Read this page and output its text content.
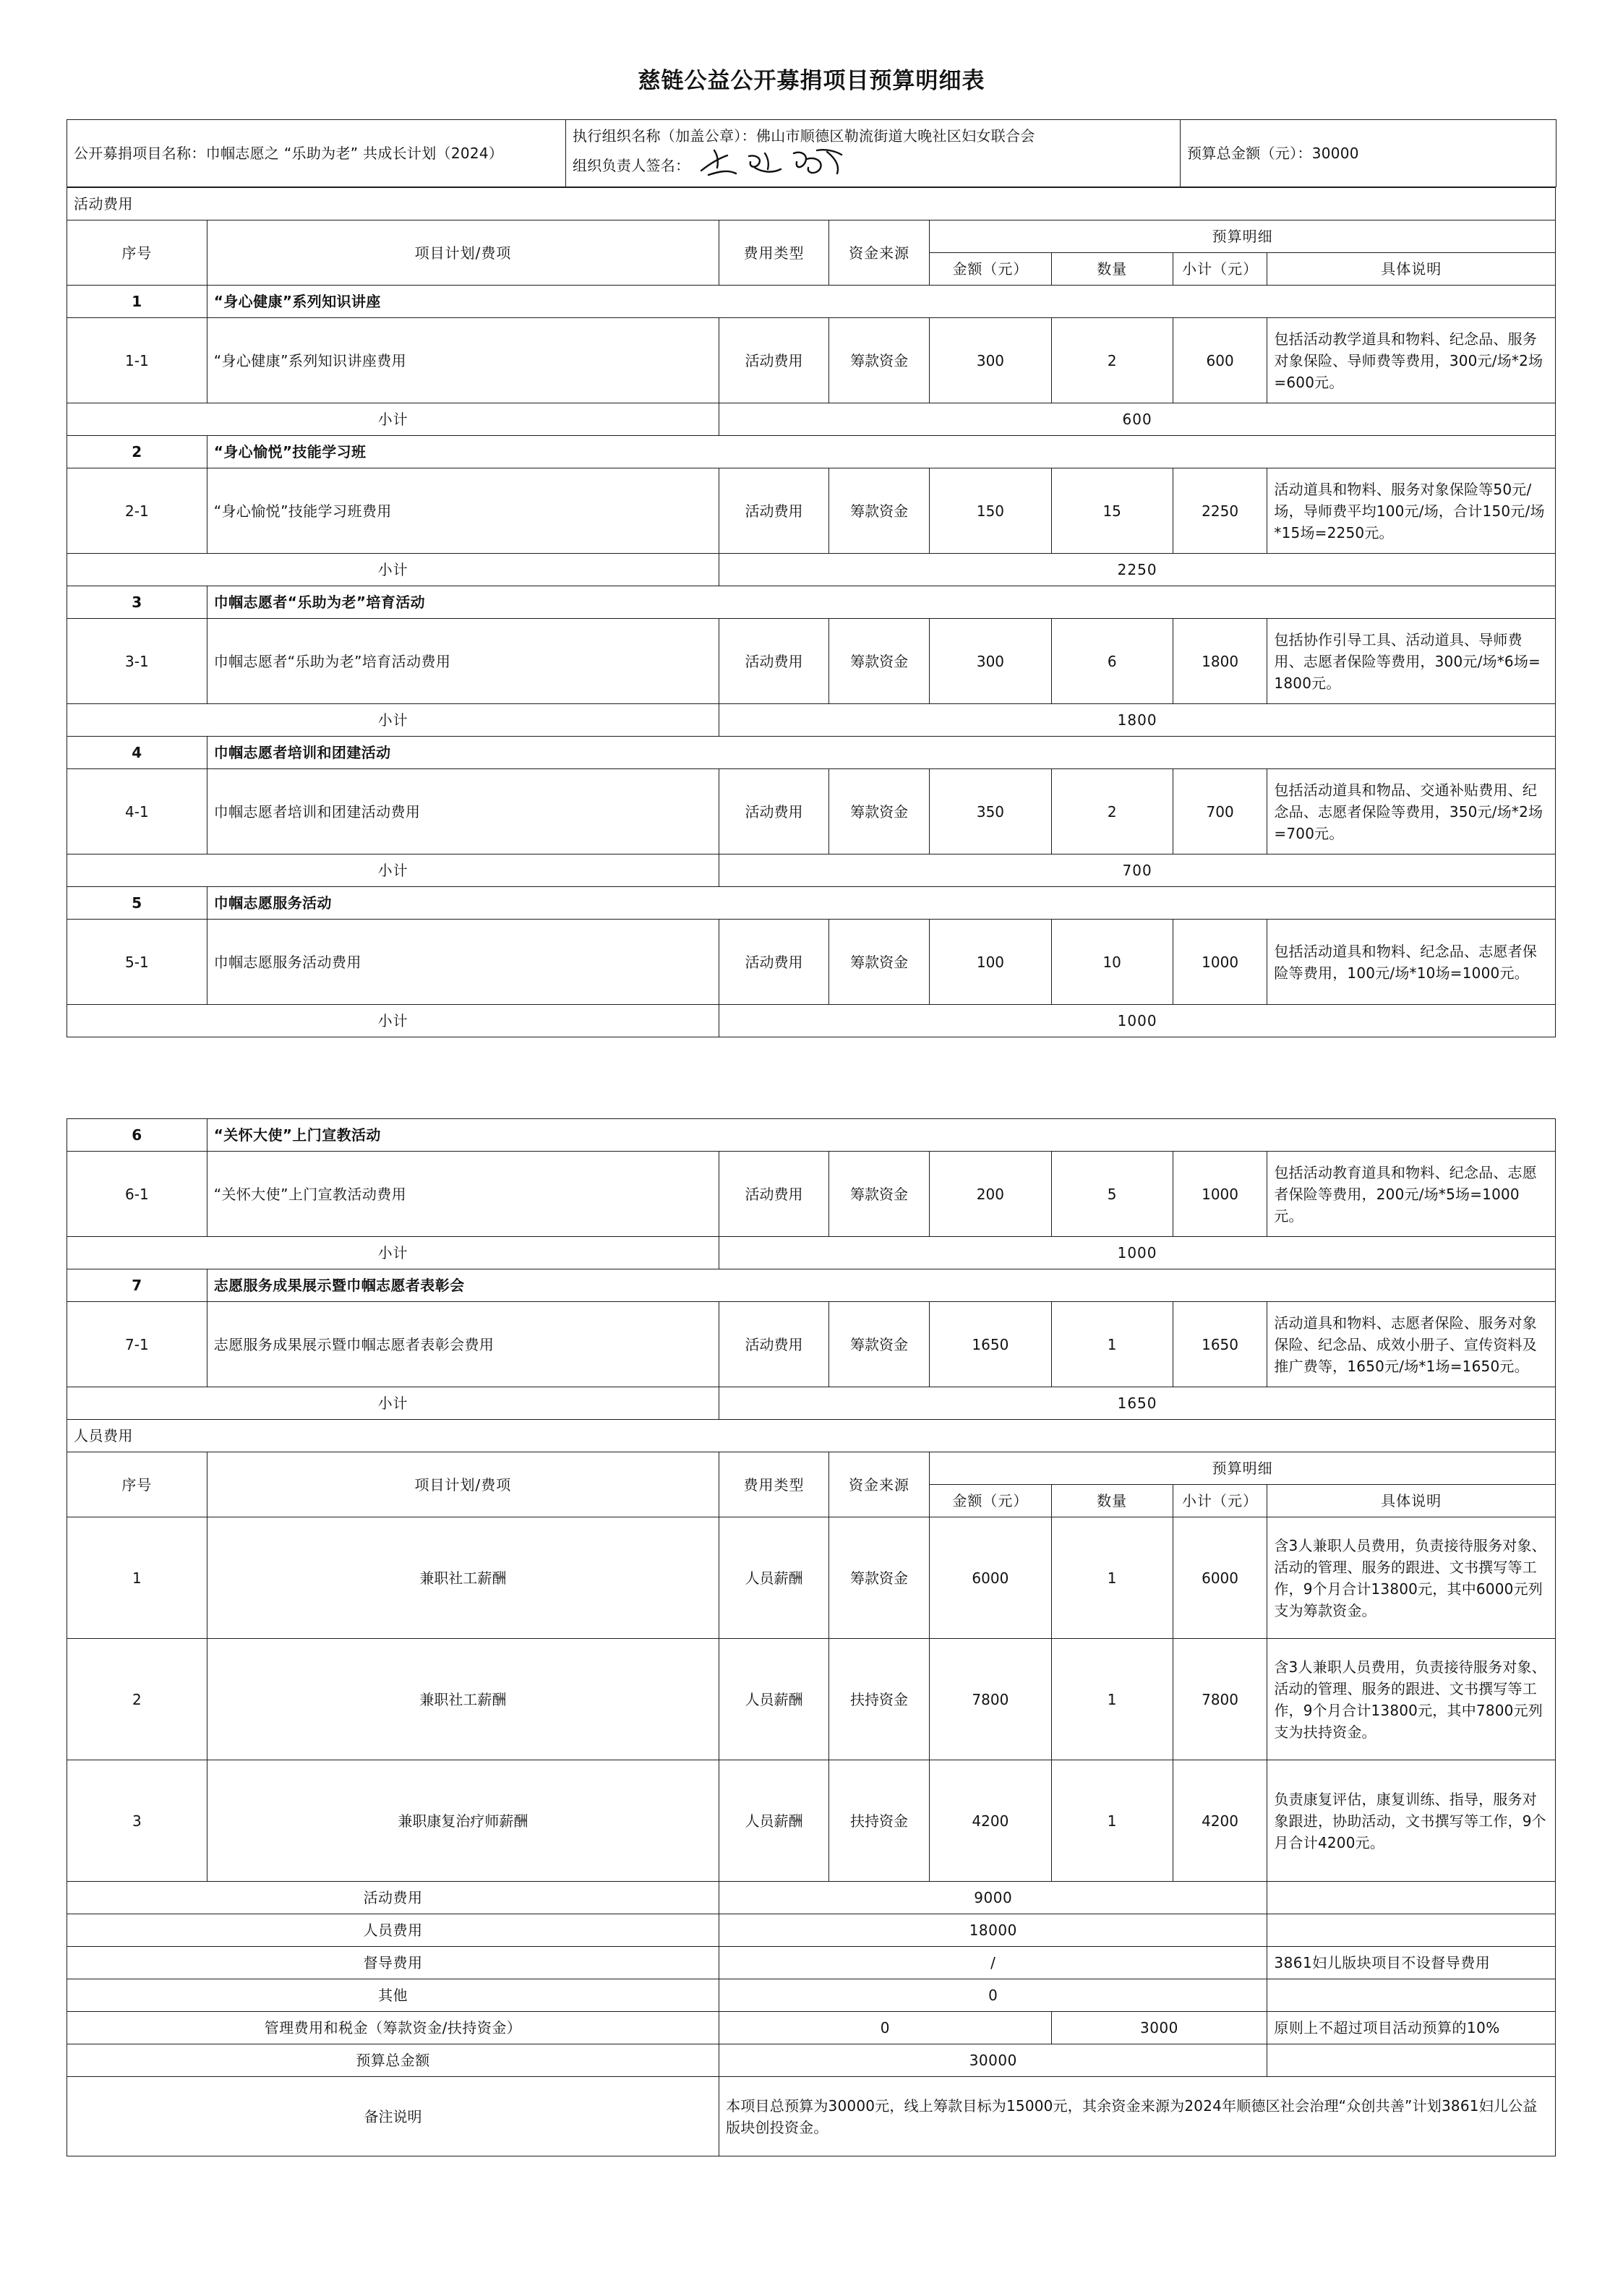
慈链公益公开募捐项目预算明细表
公开募捐项目名称：巾帼志愿之 “乐助为老” 共成长计划（2024）	
执行组织名称（加盖公章）：佛山市顺德区勒流街道大晚社区妇女联合会
组织负责人签名：
	预算总金额（元）：30000
活动费用							
序号	项目计划/费项	费用类型	资金来源	预算明细			
				金额（元）	数量	小计（元）	具体说明
1	“身心健康”系列知识讲座						
1-1	“身心健康”系列知识讲座费用	活动费用	筹款资金	300	2	600	包括活动教学道具和物料、纪念品、服务对象保险、导师费等费用，300元/场*2场=600元。
小计		600					
2	“身心愉悦”技能学习班						
2-1	“身心愉悦”技能学习班费用	活动费用	筹款资金	150	15	2250	活动道具和物料、服务对象保险等50元/场，导师费平均100元/场，合计150元/场*15场=2250元。
小计		2250					
3	巾帼志愿者“乐助为老”培育活动						
3-1	巾帼志愿者“乐助为老”培育活动费用	活动费用	筹款资金	300	6	1800	包括协作引导工具、活动道具、导师费用、志愿者保险等费用，300元/场*6场=1800元。
小计		1800					
4	巾帼志愿者培训和团建活动						
4-1	巾帼志愿者培训和团建活动费用	活动费用	筹款资金	350	2	700	包括活动道具和物品、交通补贴费用、纪念品、志愿者保险等费用，350元/场*2场=700元。
小计		700					
5	巾帼志愿服务活动						
5-1	巾帼志愿服务活动费用	活动费用	筹款资金	100	10	1000	包括活动道具和物料、纪念品、志愿者保险等费用，100元/场*10场=1000元。
小计		1000					
6	“关怀大使”上门宣教活动						
6-1	“关怀大使”上门宣教活动费用	活动费用	筹款资金	200	5	1000	包括活动教育道具和物料、纪念品、志愿者保险等费用，200元/场*5场=1000元。
小计		1000					
7	志愿服务成果展示暨巾帼志愿者表彰会						
7-1	志愿服务成果展示暨巾帼志愿者表彰会费用	活动费用	筹款资金	1650	1	1650	活动道具和物料、志愿者保险、服务对象保险、纪念品、成效小册子、宣传资料及推广费等，1650元/场*1场=1650元。
小计		1650					
人员费用							
序号	项目计划/费项	费用类型	资金来源	预算明细			
				金额（元）	数量	小计（元）	具体说明
1	兼职社工薪酬	人员薪酬	筹款资金	6000	1	6000	含3人兼职人员费用，负责接待服务对象、活动的管理、服务的跟进、文书撰写等工作，9个月合计13800元，其中6000元列支为筹款资金。
2	兼职社工薪酬	人员薪酬	扶持资金	7800	1	7800	含3人兼职人员费用，负责接待服务对象、活动的管理、服务的跟进、文书撰写等工作，9个月合计13800元，其中7800元列支为扶持资金。
3	兼职康复治疗师薪酬	人员薪酬	扶持资金	4200	1	4200	负责康复评估，康复训练、指导，服务对象跟进，协助活动，文书撰写等工作，9个月合计4200元。
活动费用		9000					
人员费用		18000					
督导费用		/					3861妇儿版块项目不设督导费用
其他		0					
管理费用和税金（筹款资金/扶持资金）		0			3000		原则上不超过项目活动预算的10%
预算总金额		30000					
备注说明		本项目总预算为30000元，线上筹款目标为15000元，其余资金来源为2024年顺德区社会治理“众创共善”计划3861妇儿公益版块创投资金。					
